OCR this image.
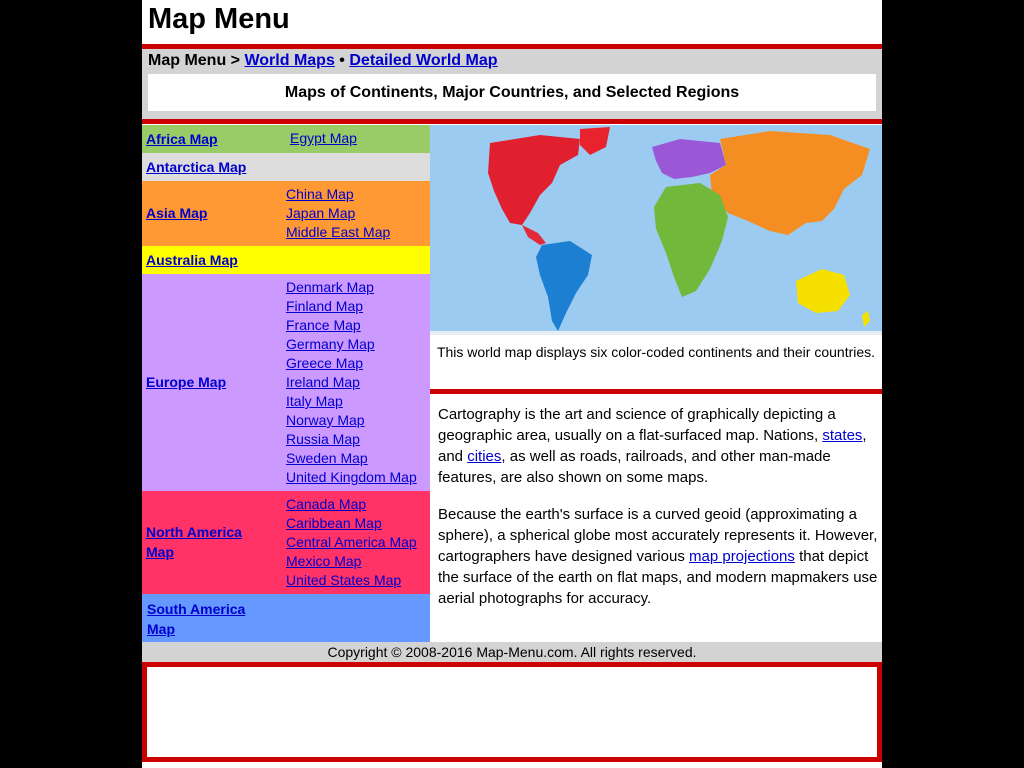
Map Menu
Map Menu > World Maps • Detailed World Map
Maps of Continents, Major Countries, and Selected Regions
Africa Map	Egypt Map
Antarctica Map
Asia Map
China Map
Japan Map
Middle East Map
Australia Map
Europe Map
Denmark Map
Finland Map
France Map
Germany Map
Greece Map
Ireland Map
Italy Map
Norway Map
Russia Map
Sweden Map
United Kingdom Map
North America
Map
Canada Map
Caribbean Map
Central America Map
Mexico Map
United States Map
South America
Map
This world map displays six color-coded continents and their countries.

Cartography is the art and science of graphically depicting a geographic area, usually on a flat-surfaced map. Nations, states, and cities, as well as roads, railroads, and other man-made features, are also shown on some maps.

Because the earth's surface is a curved geoid (approximating a sphere), a spherical globe most accurately represents it. However, cartographers have designed various map projections that depict the surface of the earth on flat maps, and modern mapmakers use aerial photographs for accuracy.

Copyright © 2008-2016 Map-Menu.com. All rights reserved.
